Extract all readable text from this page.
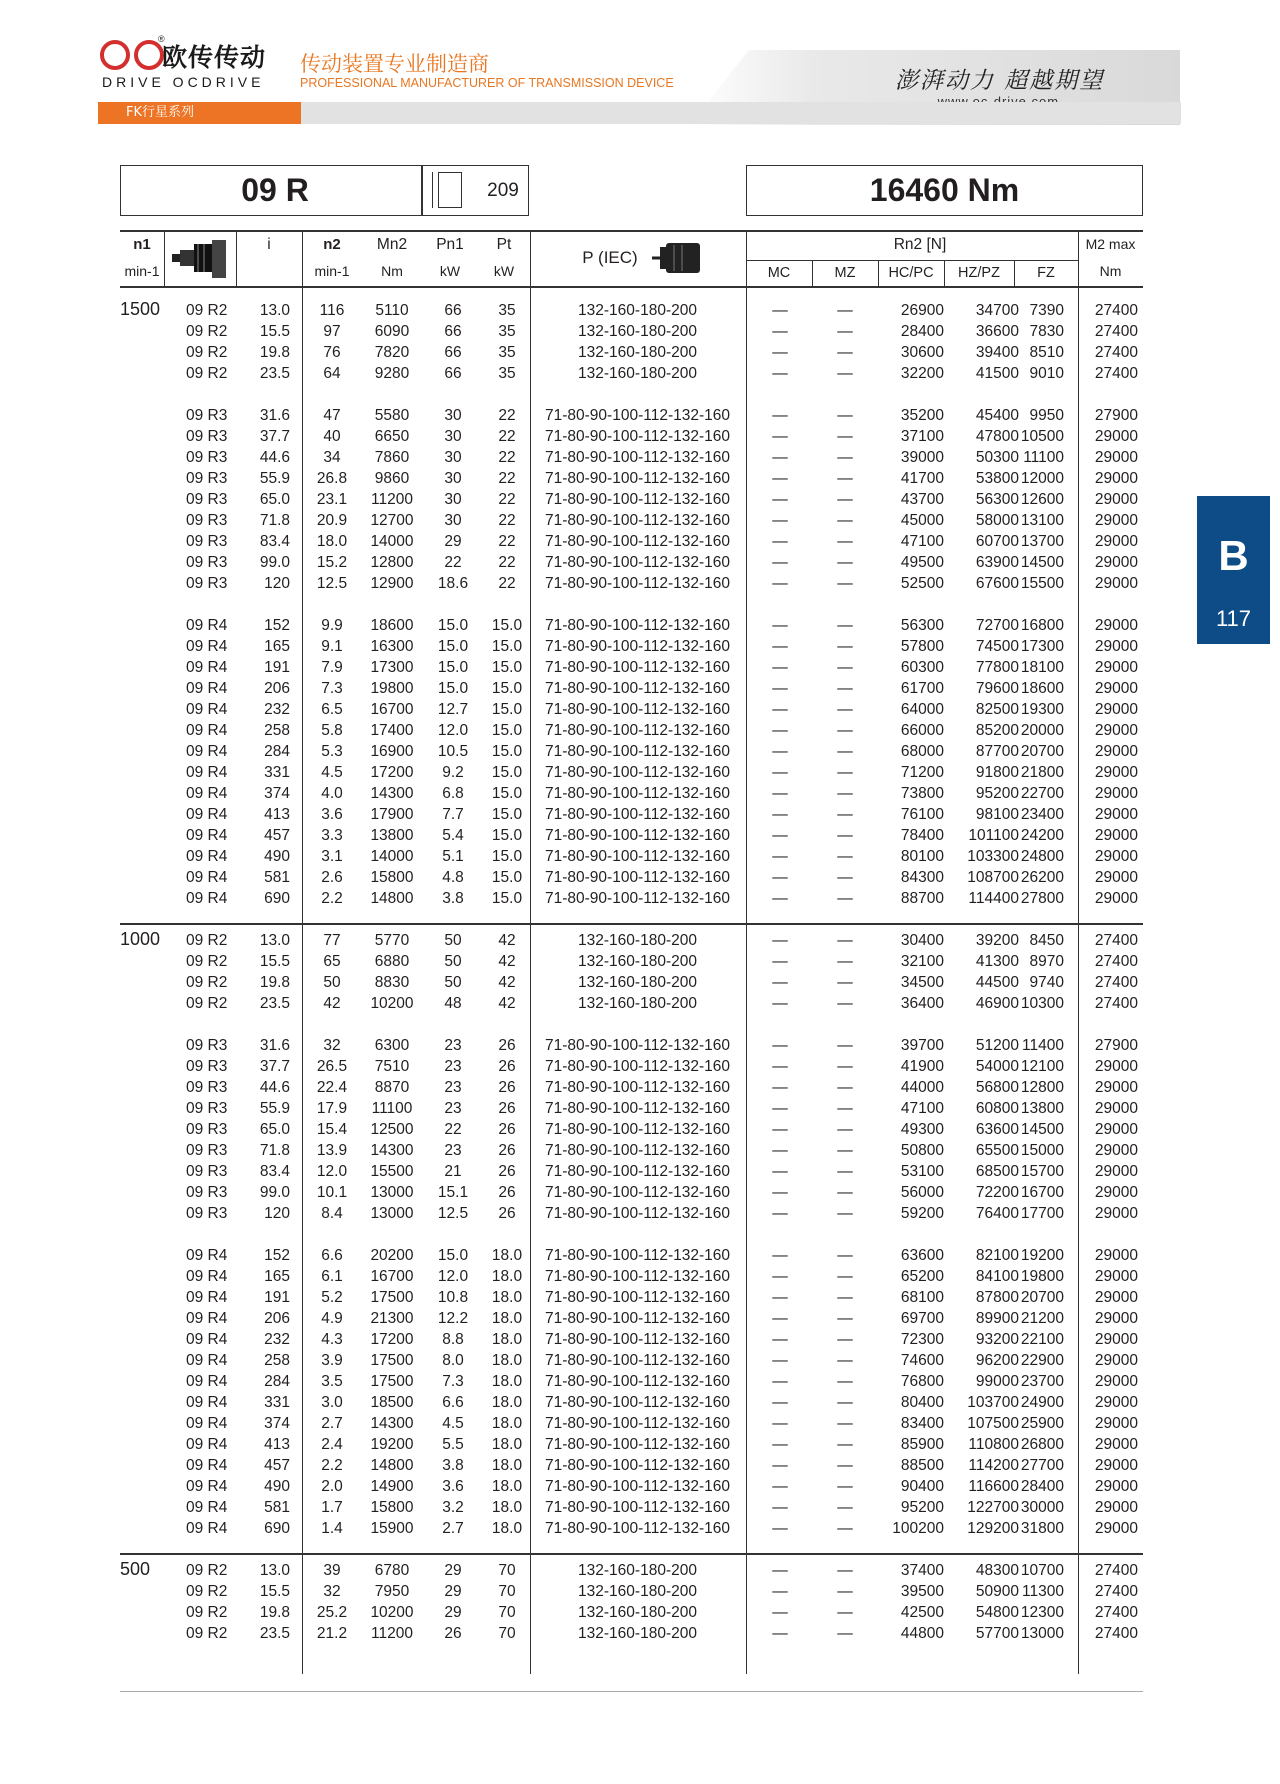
®
欧传传动
DRIVE OCDRIVE
传动装置专业制造商
PROFESSIONAL MANUFACTURER OF TRANSMISSION DEVICE	澎湃动力 超越期望
FK行星系列
09 R	209	16460 Nm
B
117
n1
min-1
i	n2
min-1
Mn2
Nm
Pn1
kW
Pt
kW
P (IEC)
Rn2 [N]
MC	MZ	HC/PC	HZ/PZ	FZ
M2 max
Nm
1500 09 R2	13.0	116	5110	66	35	132-160-180-200	—	—	26900	34700 7390	27400
09 R2	15.5	97	6090	66	35	132-160-180-200	—	—	28400	36600 7830	27400
09 R2	19.8	76	7820	66	35	132-160-180-200	—	—	30600	39400 8510	27400
09 R2	23.5	64	9280	66	35	132-160-180-200	—	—	32200	41500 9010	27400
09 R3	31.6	47	5580	30	22	71-80-90-100-112-132-160	—	—	35200	45400 9950	27900
09 R3	37.7	40	6650	30	22	71-80-90-100-112-132-160	—	—	37100	47800 10500	29000
09 R3	44.6	34	7860	30	22	71-80-90-100-112-132-160	—	—	39000	50300 11100	29000
09 R3	55.9	26.8	9860	30	22	71-80-90-100-112-132-160	—	—	41700	53800 12000	29000
09 R3	65.0	23.1	11200	30	22	71-80-90-100-112-132-160	—	—	43700	56300 12600	29000
09 R3	71.8	20.9	12700	30	22	71-80-90-100-112-132-160	—	—	45000	58000 13100	29000
09 R3	83.4	18.0	14000	29	22	71-80-90-100-112-132-160	—	—	47100	60700 13700	29000
09 R3	99.0	15.2	12800	22	22	71-80-90-100-112-132-160	—	—	49500	63900 14500	29000
09 R3	120	12.5	12900	18.6	22	71-80-90-100-112-132-160	—	—	52500	67600 15500	29000
09 R4	152	9.9	18600	15.0	15.0	71-80-90-100-112-132-160	—	—	56300	72700 16800	29000
09 R4	165	9.1	16300	15.0	15.0	71-80-90-100-112-132-160	—	—	57800	74500 17300	29000
09 R4	191	7.9	17300	15.0	15.0	71-80-90-100-112-132-160	—	—	60300	77800 18100	29000
09 R4	206	7.3	19800	15.0	15.0	71-80-90-100-112-132-160	—	—	61700	79600 18600	29000
09 R4	232	6.5	16700	12.7	15.0	71-80-90-100-112-132-160	—	—	64000	82500 19300	29000
09 R4	258	5.8	17400	12.0	15.0	71-80-90-100-112-132-160	—	—	66000	85200 20000	29000
09 R4	284	5.3	16900	10.5	15.0	71-80-90-100-112-132-160	—	—	68000	87700 20700	29000
09 R4	331	4.5	17200	9.2	15.0	71-80-90-100-112-132-160	—	—	71200	91800 21800	29000
09 R4	374	4.0	14300	6.8	15.0	71-80-90-100-112-132-160	—	—	73800	95200 22700	29000
09 R4	413	3.6	17900	7.7	15.0	71-80-90-100-112-132-160	—	—	76100	98100 23400	29000
09 R4	457	3.3	13800	5.4	15.0	71-80-90-100-112-132-160	—	—	78400	101100 24200	29000
09 R4	490	3.1	14000	5.1	15.0	71-80-90-100-112-132-160	—	—	80100	103300 24800	29000
09 R4	581	2.6	15800	4.8	15.0	71-80-90-100-112-132-160	—	—	84300	108700 26200	29000
09 R4	690	2.2	14800	3.8	15.0	71-80-90-100-112-132-160	—	—	88700	114400 27800	29000
1000 09 R2	13.0	77	5770	50	42	132-160-180-200	—	—	30400	39200 8450	27400
09 R2	15.5	65	6880	50	42	132-160-180-200	—	—	32100	41300 8970	27400
09 R2	19.8	50	8830	50	42	132-160-180-200	—	—	34500	44500 9740	27400
09 R2	23.5	42	10200	48	42	132-160-180-200	—	—	36400	46900 10300	27400
09 R3	31.6	32	6300	23	26	71-80-90-100-112-132-160	—	—	39700	51200 11400	27900
09 R3	37.7	26.5	7510	23	26	71-80-90-100-112-132-160	—	—	41900	54000 12100	29000
09 R3	44.6	22.4	8870	23	26	71-80-90-100-112-132-160	—	—	44000	56800 12800	29000
09 R3	55.9	17.9	11100	23	26	71-80-90-100-112-132-160	—	—	47100	60800 13800	29000
09 R3	65.0	15.4	12500	22	26	71-80-90-100-112-132-160	—	—	49300	63600 14500	29000
09 R3	71.8	13.9	14300	23	26	71-80-90-100-112-132-160	—	—	50800	65500 15000	29000
09 R3	83.4	12.0	15500	21	26	71-80-90-100-112-132-160	—	—	53100	68500 15700	29000
09 R3	99.0	10.1	13000	15.1	26	71-80-90-100-112-132-160	—	—	56000	72200 16700	29000
09 R3	120	8.4	13000	12.5	26	71-80-90-100-112-132-160	—	—	59200	76400 17700	29000
09 R4	152	6.6	20200	15.0	18.0	71-80-90-100-112-132-160	—	—	63600	82100 19200	29000
09 R4	165	6.1	16700	12.0	18.0	71-80-90-100-112-132-160	—	—	65200	84100 19800	29000
09 R4	191	5.2	17500	10.8	18.0	71-80-90-100-112-132-160	—	—	68100	87800 20700	29000
09 R4	206	4.9	21300	12.2	18.0	71-80-90-100-112-132-160	—	—	69700	89900 21200	29000
09 R4	232	4.3	17200	8.8	18.0	71-80-90-100-112-132-160	—	—	72300	93200 22100	29000
09 R4	258	3.9	17500	8.0	18.0	71-80-90-100-112-132-160	—	—	74600	96200 22900	29000
09 R4	284	3.5	17500	7.3	18.0	71-80-90-100-112-132-160	—	—	76800	99000 23700	29000
09 R4	331	3.0	18500	6.6	18.0	71-80-90-100-112-132-160	—	—	80400	103700 24900	29000
09 R4	374	2.7	14300	4.5	18.0	71-80-90-100-112-132-160	—	—	83400	107500 25900	29000
09 R4	413	2.4	19200	5.5	18.0	71-80-90-100-112-132-160	—	—	85900	110800 26800	29000
09 R4	457	2.2	14800	3.8	18.0	71-80-90-100-112-132-160	—	—	88500	114200 27700	29000
09 R4	490	2.0	14900	3.6	18.0	71-80-90-100-112-132-160	—	—	90400	116600 28400	29000
09 R4	581	1.7	15800	3.2	18.0	71-80-90-100-112-132-160	—	—	95200	122700 30000	29000
09 R4	690	1.4	15900	2.7	18.0	71-80-90-100-112-132-160	—	—	100200	129200 31800	29000
500	09 R2	13.0	39	6780	29	70	132-160-180-200	—	—	37400	48300 10700	27400
09 R2	15.5	32	7950	29	70	132-160-180-200	—	—	39500	50900 11300	27400
09 R2	19.8	25.2	10200	29	70	132-160-180-200	—	—	42500	54800 12300	27400
09 R2	23.5	21.2	11200	26	70	132-160-180-200	—	—	44800	57700 13000	27400
